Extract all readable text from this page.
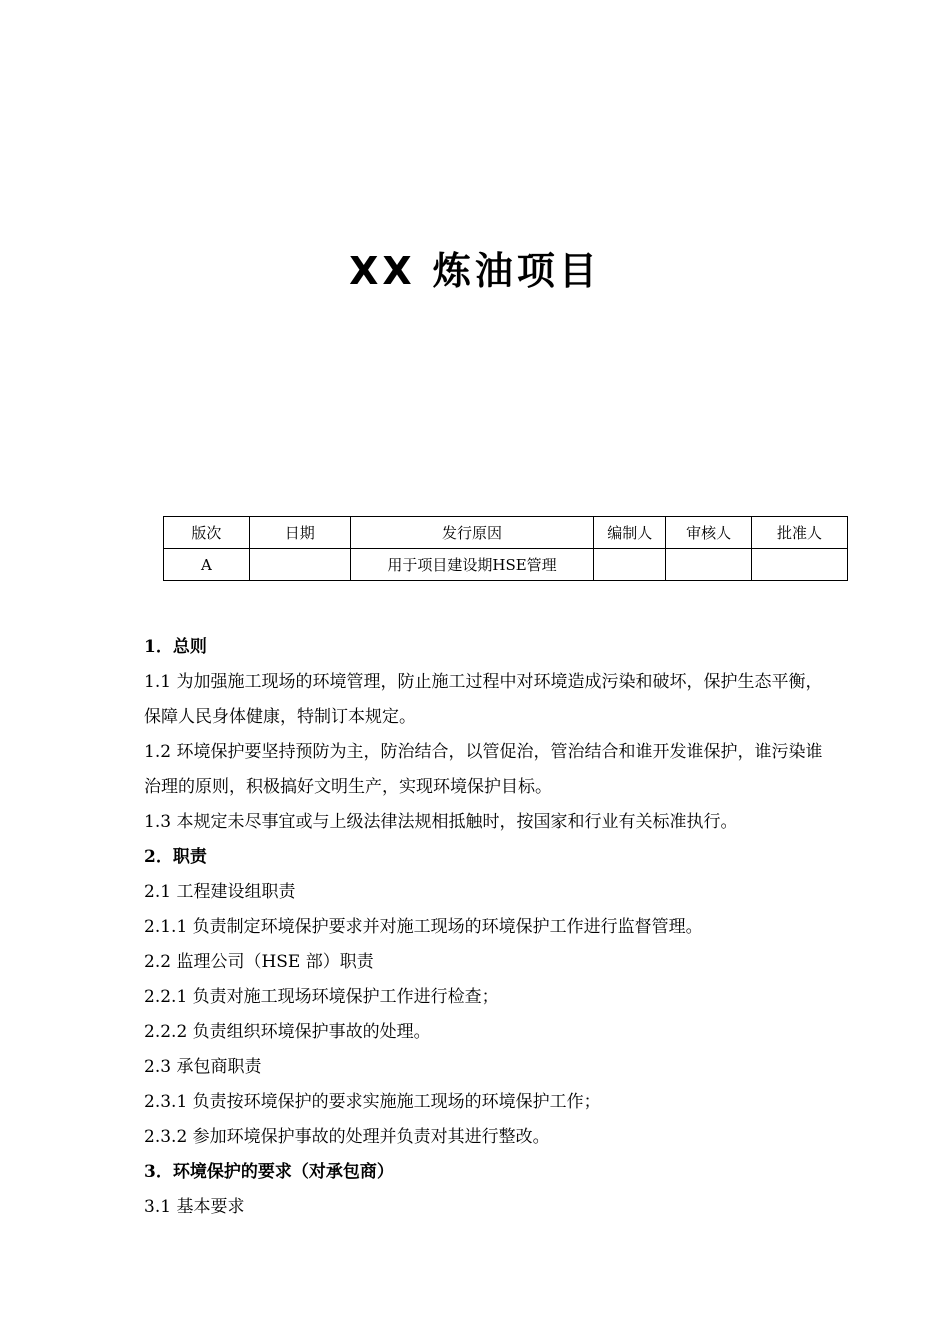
XX 炼油项目
版次	日期	发行原因	编制人	审核人	批准人
A		用于项目建设期HSE管理			

1．总则

1.1 为加强施工现场的环境管理，防止施工过程中对环境造成污染和破坏，保护生态平衡，保障人民身体健康，特制订本规定。

1.2 环境保护要坚持预防为主，防治结合，以管促治，管治结合和谁开发谁保护，谁污染谁治理的原则，积极搞好文明生产，实现环境保护目标。

1.3 本规定未尽事宜或与上级法律法规相抵触时，按国家和行业有关标准执行。

2．职责

2.1 工程建设组职责

2.1.1 负责制定环境保护要求并对施工现场的环境保护工作进行监督管理。

2.2 监理公司（HSE 部）职责

2.2.1 负责对施工现场环境保护工作进行检查；

2.2.2 负责组织环境保护事故的处理。

2.3 承包商职责

2.3.1 负责按环境保护的要求实施施工现场的环境保护工作；

2.3.2 参加环境保护事故的处理并负责对其进行整改。

3．环境保护的要求（对承包商）

3.1 基本要求
